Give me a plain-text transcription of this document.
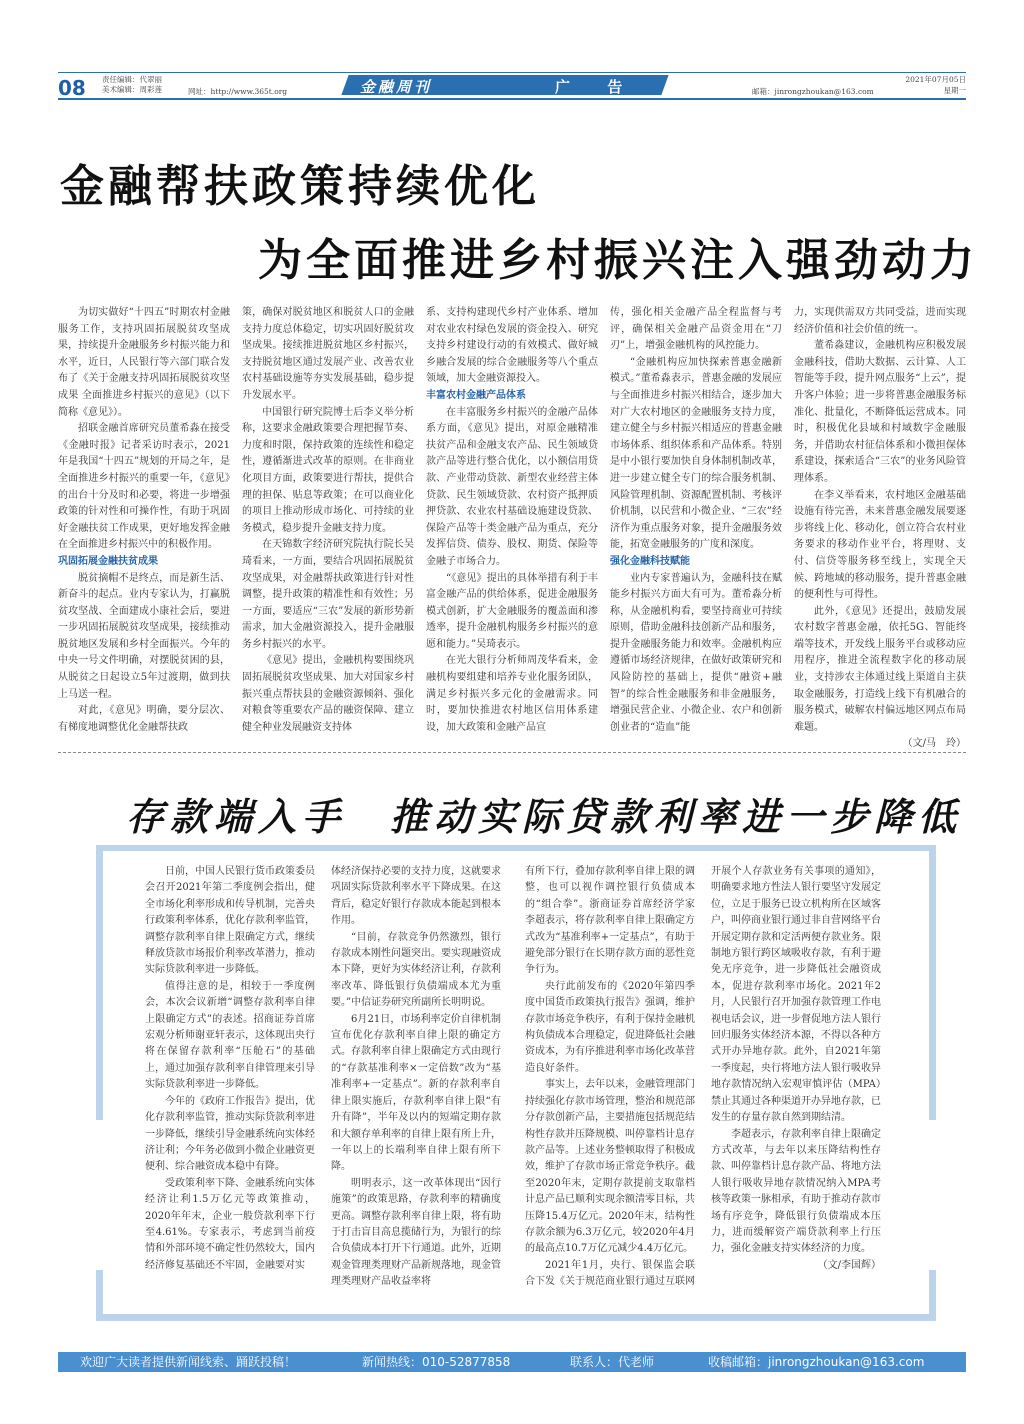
08 责任编辑：代翠丽
美术编辑：周彩莲	网址：http://www.365t.org	金融周刊	广 告	邮箱：jinrongzhoukan@163.com
2021年07月05日
星期一
金融帮扶政策持续优化
为全面推进乡村振兴注入强劲动力

为切实做好“十四五”时期农村金融服务工作，支持巩固拓展脱贫攻坚成果，持续提升金融服务乡村振兴能力和水平，近日，人民银行等六部门联合发布了《关于金融支持巩固拓展脱贫攻坚成果 全面推进乡村振兴的意见》（以下简称《意见》）。

招联金融首席研究员董希淼在接受《金融时报》记者采访时表示，2021年是我国“十四五”规划的开局之年，是全面推进乡村振兴的重要一年，《意见》的出台十分及时和必要，将进一步增强政策的针对性和可操作性，有助于巩固好金融扶贫工作成果，更好地发挥金融在全面推进乡村振兴中的积极作用。

巩固拓展金融扶贫成果

脱贫摘帽不是终点，而是新生活、新奋斗的起点。业内专家认为，打赢脱贫攻坚战、全面建成小康社会后，要进一步巩固拓展脱贫攻坚成果，接续推动脱贫地区发展和乡村全面振兴。今年的中央一号文件明确，对摆脱贫困的县，从脱贫之日起设立5年过渡期，做到扶上马送一程。

对此，《意见》明确，要分层次、有梯度地调整优化金融帮扶政

策，确保对脱贫地区和脱贫人口的金融支持力度总体稳定，切实巩固好脱贫攻坚成果。接续推进脱贫地区乡村振兴，支持脱贫地区通过发展产业、改善农业农村基础设施等夯实发展基础，稳步提升发展水平。

中国银行研究院博士后李义举分析称，这要求金融政策要合理把握节奏、力度和时限，保持政策的连续性和稳定性，遵循渐进式改革的原则。在非商业化项目方面，政策要进行帮扶，提供合理的担保、贴息等政策；在可以商业化的项目上推动形成市场化、可持续的业务模式，稳步提升金融支持力度。

在天锦数字经济研究院执行院长吴琦看来，一方面，要结合巩固拓展脱贫攻坚成果，对金融帮扶政策进行针对性调整，提升政策的精准性和有效性；另一方面，要适应“三农”发展的新形势新需求，加大金融资源投入，提升金融服务乡村振兴的水平。

《意见》提出，金融机构要围绕巩固拓展脱贫攻坚成果、加大对国家乡村振兴重点帮扶县的金融资源倾斜、强化对粮食等重要农产品的融资保障、建立健全种业发展融资支持体

系、支持构建现代乡村产业体系、增加对农业农村绿色发展的资金投入、研究支持乡村建设行动的有效模式、做好城乡融合发展的综合金融服务等八个重点领域，加大金融资源投入。

丰富农村金融产品体系

在丰富服务乡村振兴的金融产品体系方面，《意见》提出，对原金融精准扶贫产品和金融支农产品、民生领域贷款产品等进行整合优化，以小额信用贷款、产业带动贷款、新型农业经营主体贷款、民生领域贷款、农村资产抵押质押贷款、农业农村基础设施建设贷款、保险产品等十类金融产品为重点，充分发挥信贷、债券、股权、期货、保险等金融子市场合力。

“《意见》提出的具体举措有利于丰富金融产品的供给体系，促进金融服务模式创新，扩大金融服务的覆盖面和渗透率，提升金融机构服务乡村振兴的意愿和能力。”吴琦表示。

在光大银行分析师周茂华看来，金融机构要组建和培养专业化服务团队，满足乡村振兴多元化的金融需求。同时，要加快推进农村地区信用体系建设，加大政策和金融产品宣

传，强化相关金融产品全程监督与考评，确保相关金融产品资金用在“刀刃”上，增强金融机构的风控能力。

“金融机构应加快探索普惠金融新模式。”董希淼表示，普惠金融的发展应与全面推进乡村振兴相结合，逐步加大对广大农村地区的金融服务支持力度，建立健全与乡村振兴相适应的普惠金融市场体系、组织体系和产品体系。特别是中小银行要加快自身体制机制改革，进一步建立健全专门的综合服务机制、风险管理机制、资源配置机制、考核评价机制，以民营和小微企业、“三农”经济作为重点服务对象，提升金融服务效能，拓宽金融服务的广度和深度。

强化金融科技赋能

业内专家普遍认为，金融科技在赋能乡村振兴方面大有可为。董希淼分析称，从金融机构看，要坚持商业可持续原则，借助金融科技创新产品和服务，提升金融服务能力和效率。金融机构应遵循市场经济规律，在做好政策研究和风险防控的基础上，提供“融资+融智”的综合性金融服务和非金融服务，增强民营企业、小微企业、农户和创新创业者的“造血”能

力，实现供需双方共同受益，进而实现经济价值和社会价值的统一。

董希淼建议，金融机构应积极发展金融科技，借助大数据、云计算、人工智能等手段，提升网点服务“上云”，提升客户体验；进一步将普惠金融服务标准化、批量化，不断降低运营成本。同时，积极优化县域和村域数字金融服务，并借助农村征信体系和小微担保体系建设，探索适合“三农”的业务风险管理体系。

在李义举看来，农村地区金融基础设施有待完善，未来普惠金融发展要逐步将线上化、移动化，创立符合农村业务要求的移动作业平台，将理财、支付、信贷等服务移至线上，实现全天候、跨地域的移动服务，提升普惠金融的便利性与可得性。

此外，《意见》还提出，鼓励发展农村数字普惠金融，依托5G、智能终端等技术，开发线上服务平台或移动应用程序，推进全流程数字化的移动展业，支持涉农主体通过线上渠道自主获取金融服务，打造线上线下有机融合的服务模式，破解农村偏远地区网点布局难题。

（文/马　玲）
存款端入手　推动实际贷款利率进一步降低

日前，中国人民银行货币政策委员会召开2021年第二季度例会指出，健全市场化利率形成和传导机制，完善央行政策利率体系，优化存款利率监管，调整存款利率自律上限确定方式，继续释放贷款市场报价利率改革潜力，推动实际贷款利率进一步降低。

值得注意的是，相较于一季度例会，本次会议新增“调整存款利率自律上限确定方式”的表述。招商证券首席宏观分析师谢亚轩表示，这体现出央行将在保留存款利率“压舱石”的基础上，通过加强存款利率自律管理来引导实际贷款利率进一步降低。

今年的《政府工作报告》提出，优化存款利率监管，推动实际贷款利率进一步降低，继续引导金融系统向实体经济让利；今年务必做到小微企业融资更便利、综合融资成本稳中有降。

受政策利率下降、金融系统向实体经济让利1.5万亿元等政策推动，2020年年末，企业一般贷款利率下行至4.61%。专家表示，考虑到当前疫情和外部环境不确定性仍然较大，国内经济修复基础还不牢固，金融要对实

体经济保持必要的支持力度，这就要求巩固实际贷款利率水平下降成果。在这背后，稳定好银行存款成本能起到根本作用。

“目前，存款竞争仍然激烈，银行存款成本刚性问题突出。要实现融资成本下降，更好为实体经济让利，存款利率改革、降低银行负债端成本尤为重要。”中信证券研究所副所长明明说。

6月21日，市场利率定价自律机制宣布优化存款利率自律上限的确定方式。存款利率自律上限确定方式由现行的“存款基准利率×一定倍数”改为“基准利率+一定基点”。新的存款利率自律上限实施后，存款利率自律上限“有升有降”，半年及以内的短端定期存款和大额存单利率的自律上限有所上升，一年以上的长端利率自律上限有所下降。

明明表示，这一改革体现出“因行施策”的政策思路，存款利率的精确度更高。调整存款利率自律上限，将有助于打击盲目高息揽储行为，为银行的综合负债成本打开下行通道。此外，近期观金管理类理财产品新规落地，现金管理类理财产品收益率将

有所下行，叠加存款利率自律上限的调整，也可以视作调控银行负债成本的“组合拳”。浙商证券首席经济学家李超表示，将存款利率自律上限确定方式改为“基准利率+一定基点”，有助于避免部分银行在长期存款方面的恶性竞争行为。

央行此前发布的《2020年第四季度中国货币政策执行报告》强调，维护存款市场竞争秩序，有利于保持金融机构负债成本合理稳定，促进降低社会融资成本，为有序推进利率市场化改革营造良好条件。

事实上，去年以来，金融管理部门持续强化存款市场管理，整治和规范部分存款创新产品，主要措施包括规范结构性存款并压降规模、叫停靠档计息存款产品等。上述业务整顿取得了积极成效，维护了存款市场正常竞争秩序。截至2020年末，定期存款提前支取靠档计息产品已顺利实现余额清零目标，共压降15.4万亿元。2020年末，结构性存款余额为6.3万亿元，较2020年4月的最高点10.7万亿元减少4.4万亿元。

2021年1月，央行、银保监会联合下发《关于规范商业银行通过互联网

开展个人存款业务有关事项的通知》，明确要求地方性法人银行要坚守发展定位，立足于服务已设立机构所在区域客户，叫停商业银行通过非自营网络平台开展定期存款和定活两便存款业务。限制地方银行跨区域吸收存款，有利于避免无序竞争，进一步降低社会融资成本，促进存款利率市场化。2021年2月，人民银行召开加强存款管理工作电视电话会议，进一步督促地方法人银行回归服务实体经济本源，不得以各种方式开办异地存款。此外，自2021年第一季度起，央行将地方法人银行吸收异地存款情况纳入宏观审慎评估（MPA）禁止其通过各种渠道开办异地存款，已发生的存量存款自然到期结清。

李超表示，存款利率自律上限确定方式改革，与去年以来压降结构性存款、叫停靠档计息存款产品、将地方法人银行吸收异地存款情况纳入MPA考核等政策一脉相承，有助于推动存款市场有序竞争，降低银行负债端成本压力，进而缓解资产端贷款利率上行压力，强化金融支持实体经济的力度。

（文/李国辉）
欢迎广大读者提供新闻线索、踊跃投稿！	新闻热线：010-52877858	联系人：代老师	收稿邮箱：jinrongzhoukan@163.com
